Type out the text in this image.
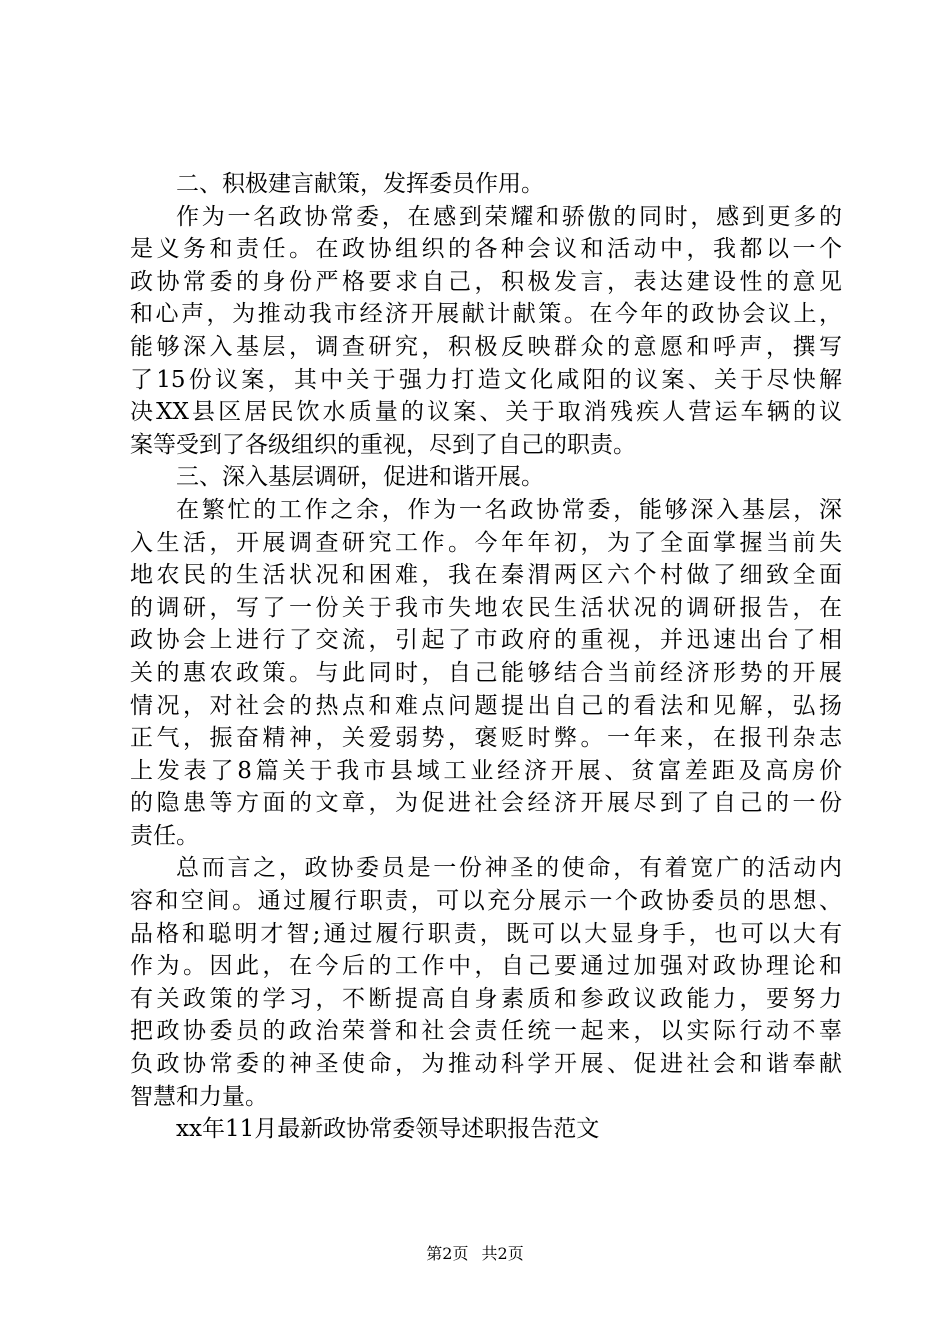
二、积极建言献策，发挥委员作用。
作为一名政协常委，在感到荣耀和骄傲的同时，感到更多的
是义务和责任。在政协组织的各种会议和活动中，我都以一个
政协常委的身份严格要求自己，积极发言，表达建设性的意见
和心声，为推动我市经济开展献计献策。在今年的政协会议上，
能够深入基层，调查研究，积极反映群众的意愿和呼声，撰写
了15份议案，其中关于强力打造文化咸阳的议案、关于尽快解
决XX县区居民饮水质量的议案、关于取消残疾人营运车辆的议
案等受到了各级组织的重视，尽到了自己的职责。
三、深入基层调研，促进和谐开展。
在繁忙的工作之余，作为一名政协常委，能够深入基层，深
入生活，开展调查研究工作。今年年初，为了全面掌握当前失
地农民的生活状况和困难，我在秦渭两区六个村做了细致全面
的调研，写了一份关于我市失地农民生活状况的调研报告，在
政协会上进行了交流，引起了市政府的重视，并迅速出台了相
关的惠农政策。与此同时，自己能够结合当前经济形势的开展
情况，对社会的热点和难点问题提出自己的看法和见解，弘扬
正气，振奋精神，关爱弱势，褒贬时弊。一年来，在报刊杂志
上发表了8篇关于我市县域工业经济开展、贫富差距及高房价
的隐患等方面的文章，为促进社会经济开展尽到了自己的一份
责任。
总而言之，政协委员是一份神圣的使命，有着宽广的活动内
容和空间。通过履行职责，可以充分展示一个政协委员的思想、
品格和聪明才智;通过履行职责，既可以大显身手，也可以大有
作为。因此，在今后的工作中，自己要通过加强对政协理论和
有关政策的学习，不断提高自身素质和参政议政能力，要努力
把政协委员的政治荣誉和社会责任统一起来，以实际行动不辜
负政协常委的神圣使命，为推动科学开展、促进社会和谐奉献
智慧和力量。
xx年11月最新政协常委领导述职报告范文
第2页 共2页
